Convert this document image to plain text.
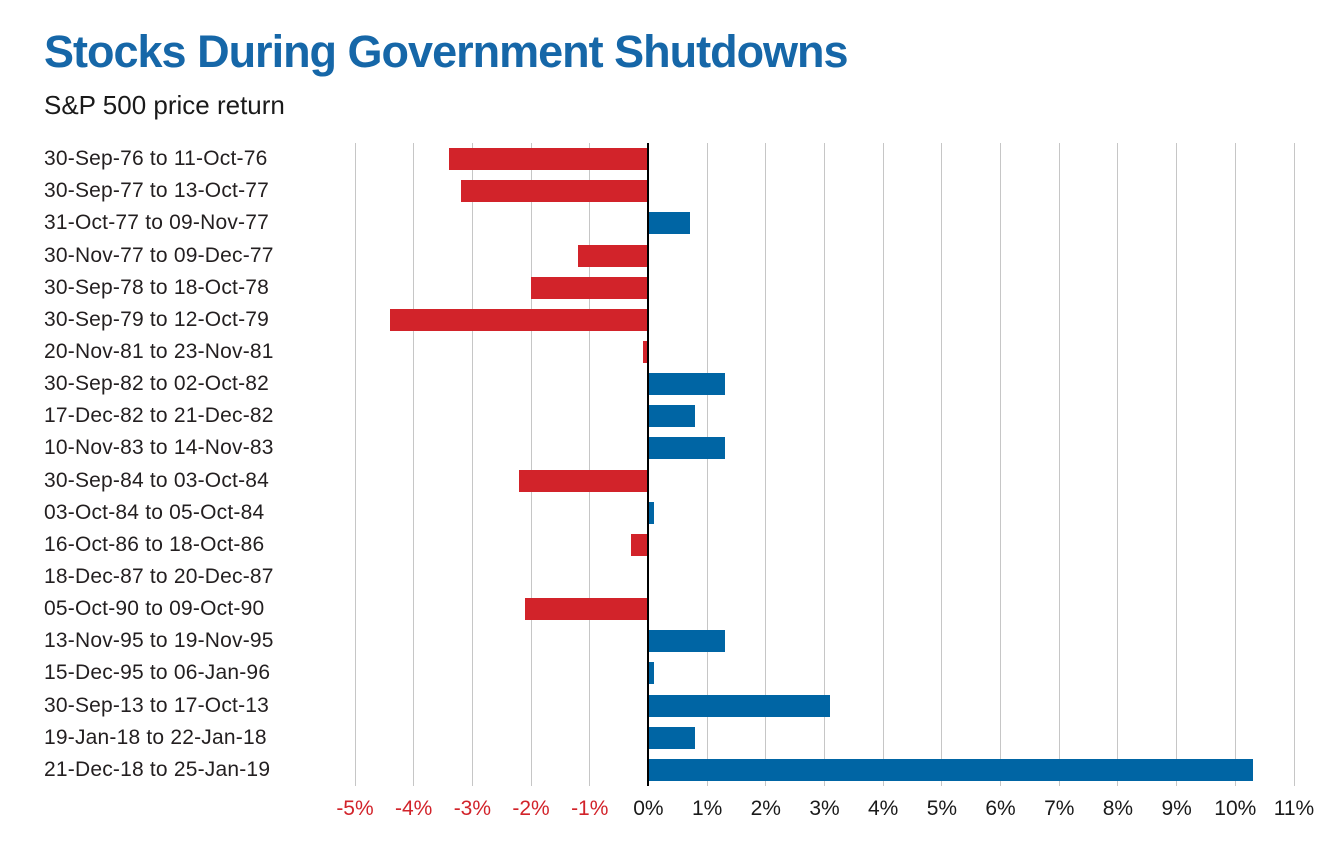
Stocks During Government Shutdowns
S&P 500 price return
30-Sep-76 to 11-Oct-76
30-Sep-77 to 13-Oct-77
31-Oct-77 to 09-Nov-77
30-Nov-77 to 09-Dec-77
30-Sep-78 to 18-Oct-78
30-Sep-79 to 12-Oct-79
20-Nov-81 to 23-Nov-81
30-Sep-82 to 02-Oct-82
17-Dec-82 to 21-Dec-82
10-Nov-83 to 14-Nov-83
30-Sep-84 to 03-Oct-84
03-Oct-84 to 05-Oct-84
16-Oct-86 to 18-Oct-86
18-Dec-87 to 20-Dec-87
05-Oct-90 to 09-Oct-90
13-Nov-95 to 19-Nov-95
15-Dec-95 to 06-Jan-96
30-Sep-13 to 17-Oct-13
19-Jan-18 to 22-Jan-18
21-Dec-18 to 25-Jan-19
-5%	-4%	-3%	-2%	-1%	0%	1%	2%	3%	4%	5%	6%	7%	8%	9%	10% 11%
